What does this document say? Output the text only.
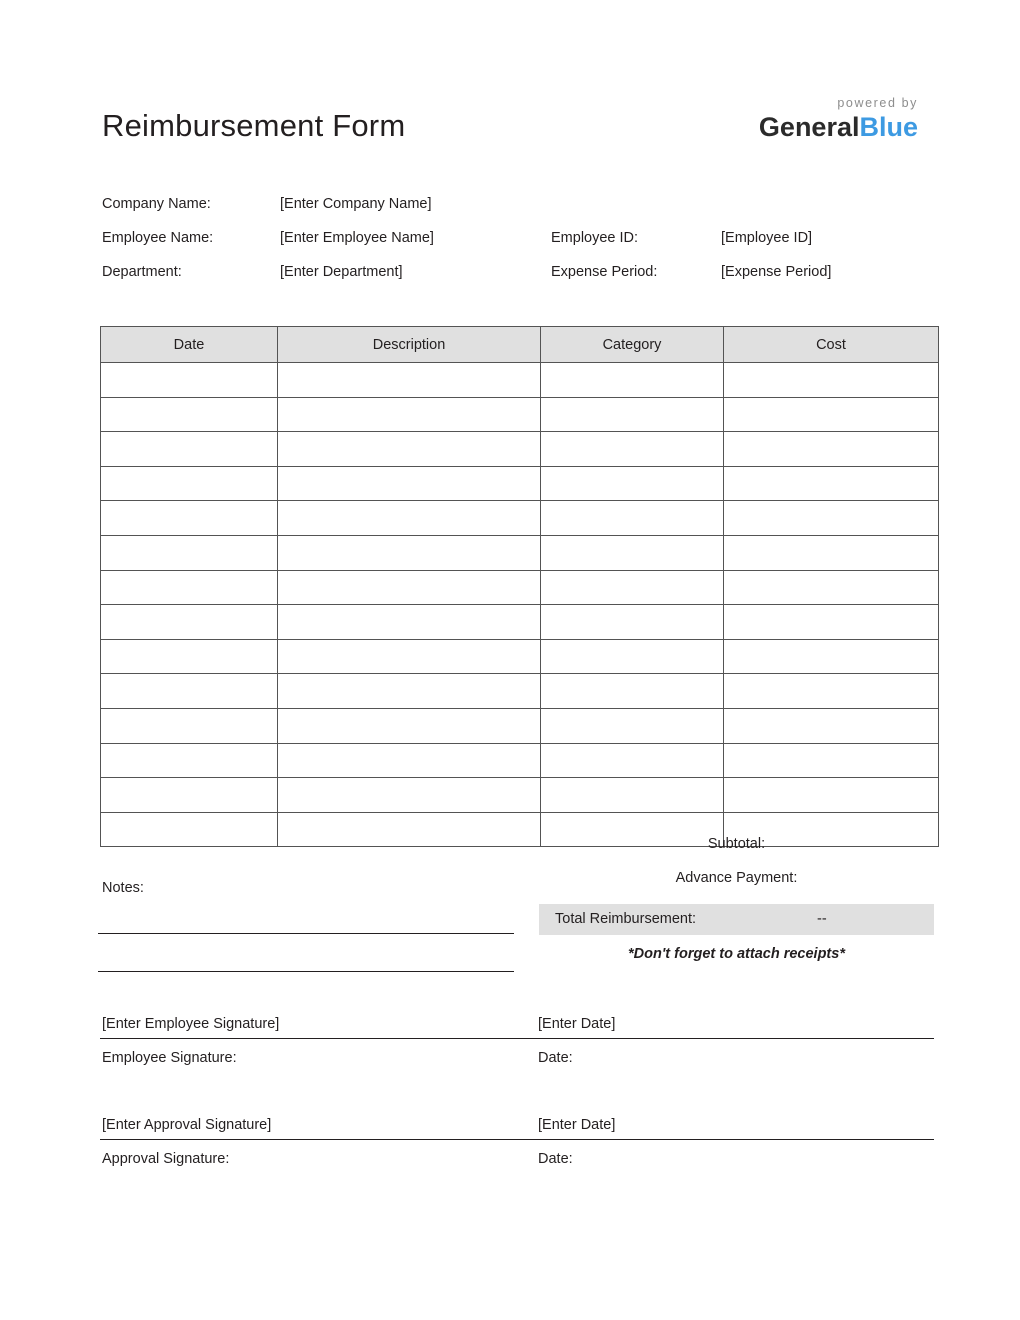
Reimbursement Form
powered by
GeneralBlue
Company Name:	[Enter Company Name]
Employee Name:	[Enter Employee Name]	Employee ID:	[Employee ID]
Department:	[Enter Department]	Expense Period:	[Expense Period]
Date	Description	Category	Cost

Subtotal:
Advance Payment:
Total Reimbursement:	--
*Don't forget to attach receipts*
Notes:
[Enter Employee Signature]	[Enter Date]
Employee Signature:	Date:
[Enter Approval Signature]	[Enter Date]
Approval Signature:	Date:
